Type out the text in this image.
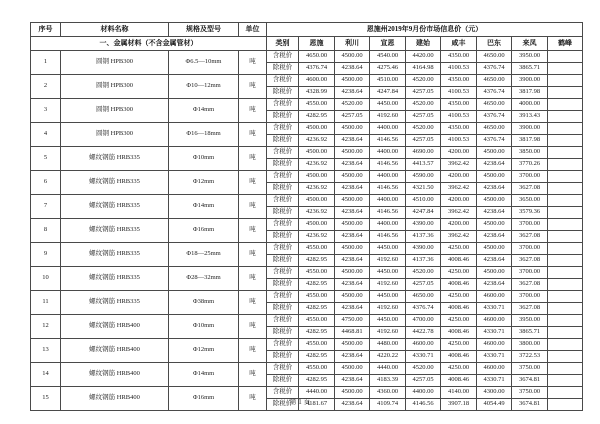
序号	材料名称	规格及型号	单位	恩施州2019年9月份市场信息价（元）								
一、金属材料（不含金属管材）				类别	恩施	利川	宣恩	建始	咸丰	巴东	来凤	鹤峰
1	圆钢 HPB300	Φ6.5—10mm	吨	含税价	4650.00	4500.00	4540.00	4420.00	4350.00	4650.00	3950.00	
				除税价	4376.74	4238.64	4275.46	4164.98	4100.53	4376.74	3865.71	
2	圆钢 HPB300	Φ10—12mm	吨	含税价	4600.00	4500.00	4510.00	4520.00	4350.00	4650.00	3900.00	
				除税价	4328.99	4238.64	4247.84	4257.05	4100.53	4376.74	3817.98	
3	圆钢 HPB300	Φ14mm	吨	含税价	4550.00	4520.00	4450.00	4520.00	4350.00	4650.00	4000.00	
				除税价	4282.95	4257.05	4192.60	4257.05	4100.53	4376.74	3913.43	
4	圆钢 HPB300	Φ16—18mm	吨	含税价	4500.00	4500.00	4400.00	4520.00	4350.00	4650.00	3900.00	
				除税价	4236.92	4238.64	4146.56	4257.05	4100.53	4376.74	3817.98	
5	螺纹钢筋 HRB335	Φ10mm	吨	含税价	4500.00	4500.00	4400.00	4690.00	4200.00	4500.00	3850.00	
				除税价	4236.92	4238.64	4146.56	4413.57	3962.42	4238.64	3770.26	
6	螺纹钢筋 HRB335	Φ12mm	吨	含税价	4500.00	4500.00	4400.00	4590.00	4200.00	4500.00	3700.00	
				除税价	4236.92	4238.64	4146.56	4321.50	3962.42	4238.64	3627.08	
7	螺纹钢筋 HRB335	Φ14mm	吨	含税价	4500.00	4500.00	4400.00	4510.00	4200.00	4500.00	3650.00	
				除税价	4236.92	4238.64	4146.56	4247.84	3962.42	4238.64	3579.36	
8	螺纹钢筋 HRB335	Φ16mm	吨	含税价	4500.00	4500.00	4400.00	4390.00	4200.00	4500.00	3700.00	
				除税价	4236.92	4238.64	4146.56	4137.36	3962.42	4238.64	3627.08	
9	螺纹钢筋 HRB335	Φ18—25mm	吨	含税价	4550.00	4500.00	4450.00	4390.00	4250.00	4500.00	3700.00	
				除税价	4282.95	4238.64	4192.60	4137.36	4008.46	4238.64	3627.08	
10	螺纹钢筋 HRB335	Φ28—32mm	吨	含税价	4550.00	4500.00	4450.00	4520.00	4250.00	4500.00	3700.00	
				除税价	4282.95	4238.64	4192.60	4257.05	4008.46	4238.64	3627.08	
11	螺纹钢筋 HRB335	Φ38mm	吨	含税价	4550.00	4500.00	4450.00	4650.00	4250.00	4600.00	3700.00	
				除税价	4282.95	4238.64	4192.60	4376.74	4008.46	4330.71	3627.08	
12	螺纹钢筋 HRB400	Φ10mm	吨	含税价	4550.00	4750.00	4450.00	4700.00	4250.00	4600.00	3950.00	
				除税价	4282.95	4468.81	4192.60	4422.78	4008.46	4330.71	3865.71	
13	螺纹钢筋 HRB400	Φ12mm	吨	含税价	4550.00	4500.00	4480.00	4600.00	4250.00	4600.00	3800.00	
				除税价	4282.95	4238.64	4220.22	4330.71	4008.46	4330.71	3722.53	
14	螺纹钢筋 HRB400	Φ14mm	吨	含税价	4550.00	4500.00	4440.00	4520.00	4250.00	4600.00	3750.00	
				除税价	4282.95	4238.64	4183.39	4257.05	4008.46	4330.71	3674.81	
15	螺纹钢筋 HRB400	Φ16mm	吨	含税价	4440.00	4500.00	4360.00	4400.00	4140.00	4300.00	3750.00	
				除税价	4181.67	4238.64	4109.74	4146.56	3907.18	4054.49	3674.81	
第 1 页
